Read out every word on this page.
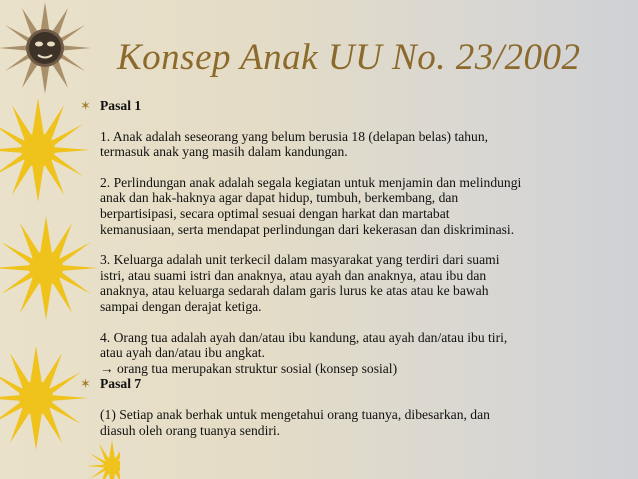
Konsep Anak UU No. 23/2002
✶ Pasal 1
1. Anak adalah seseorang yang belum berusia 18 (delapan belas) tahun,
termasuk anak yang masih dalam kandungan.
2. Perlindungan anak adalah segala kegiatan untuk menjamin dan melindungi
anak dan hak-haknya agar dapat hidup, tumbuh, berkembang, dan
berpartisipasi, secara optimal sesuai dengan harkat dan martabat
kemanusiaan, serta mendapat perlindungan dari kekerasan dan diskriminasi.
3. Keluarga adalah unit terkecil dalam masyarakat yang terdiri dari suami
istri, atau suami istri dan anaknya, atau ayah dan anaknya, atau ibu dan
anaknya, atau keluarga sedarah dalam garis lurus ke atas atau ke bawah
sampai dengan derajat ketiga.
4. Orang tua adalah ayah dan/atau ibu kandung, atau ayah dan/atau ibu tiri,
atau ayah dan/atau ibu angkat.
→ orang tua merupakan struktur sosial (konsep sosial)
✶ Pasal 7
(1) Setiap anak berhak untuk mengetahui orang tuanya, dibesarkan, dan
diasuh oleh orang tuanya sendiri.
